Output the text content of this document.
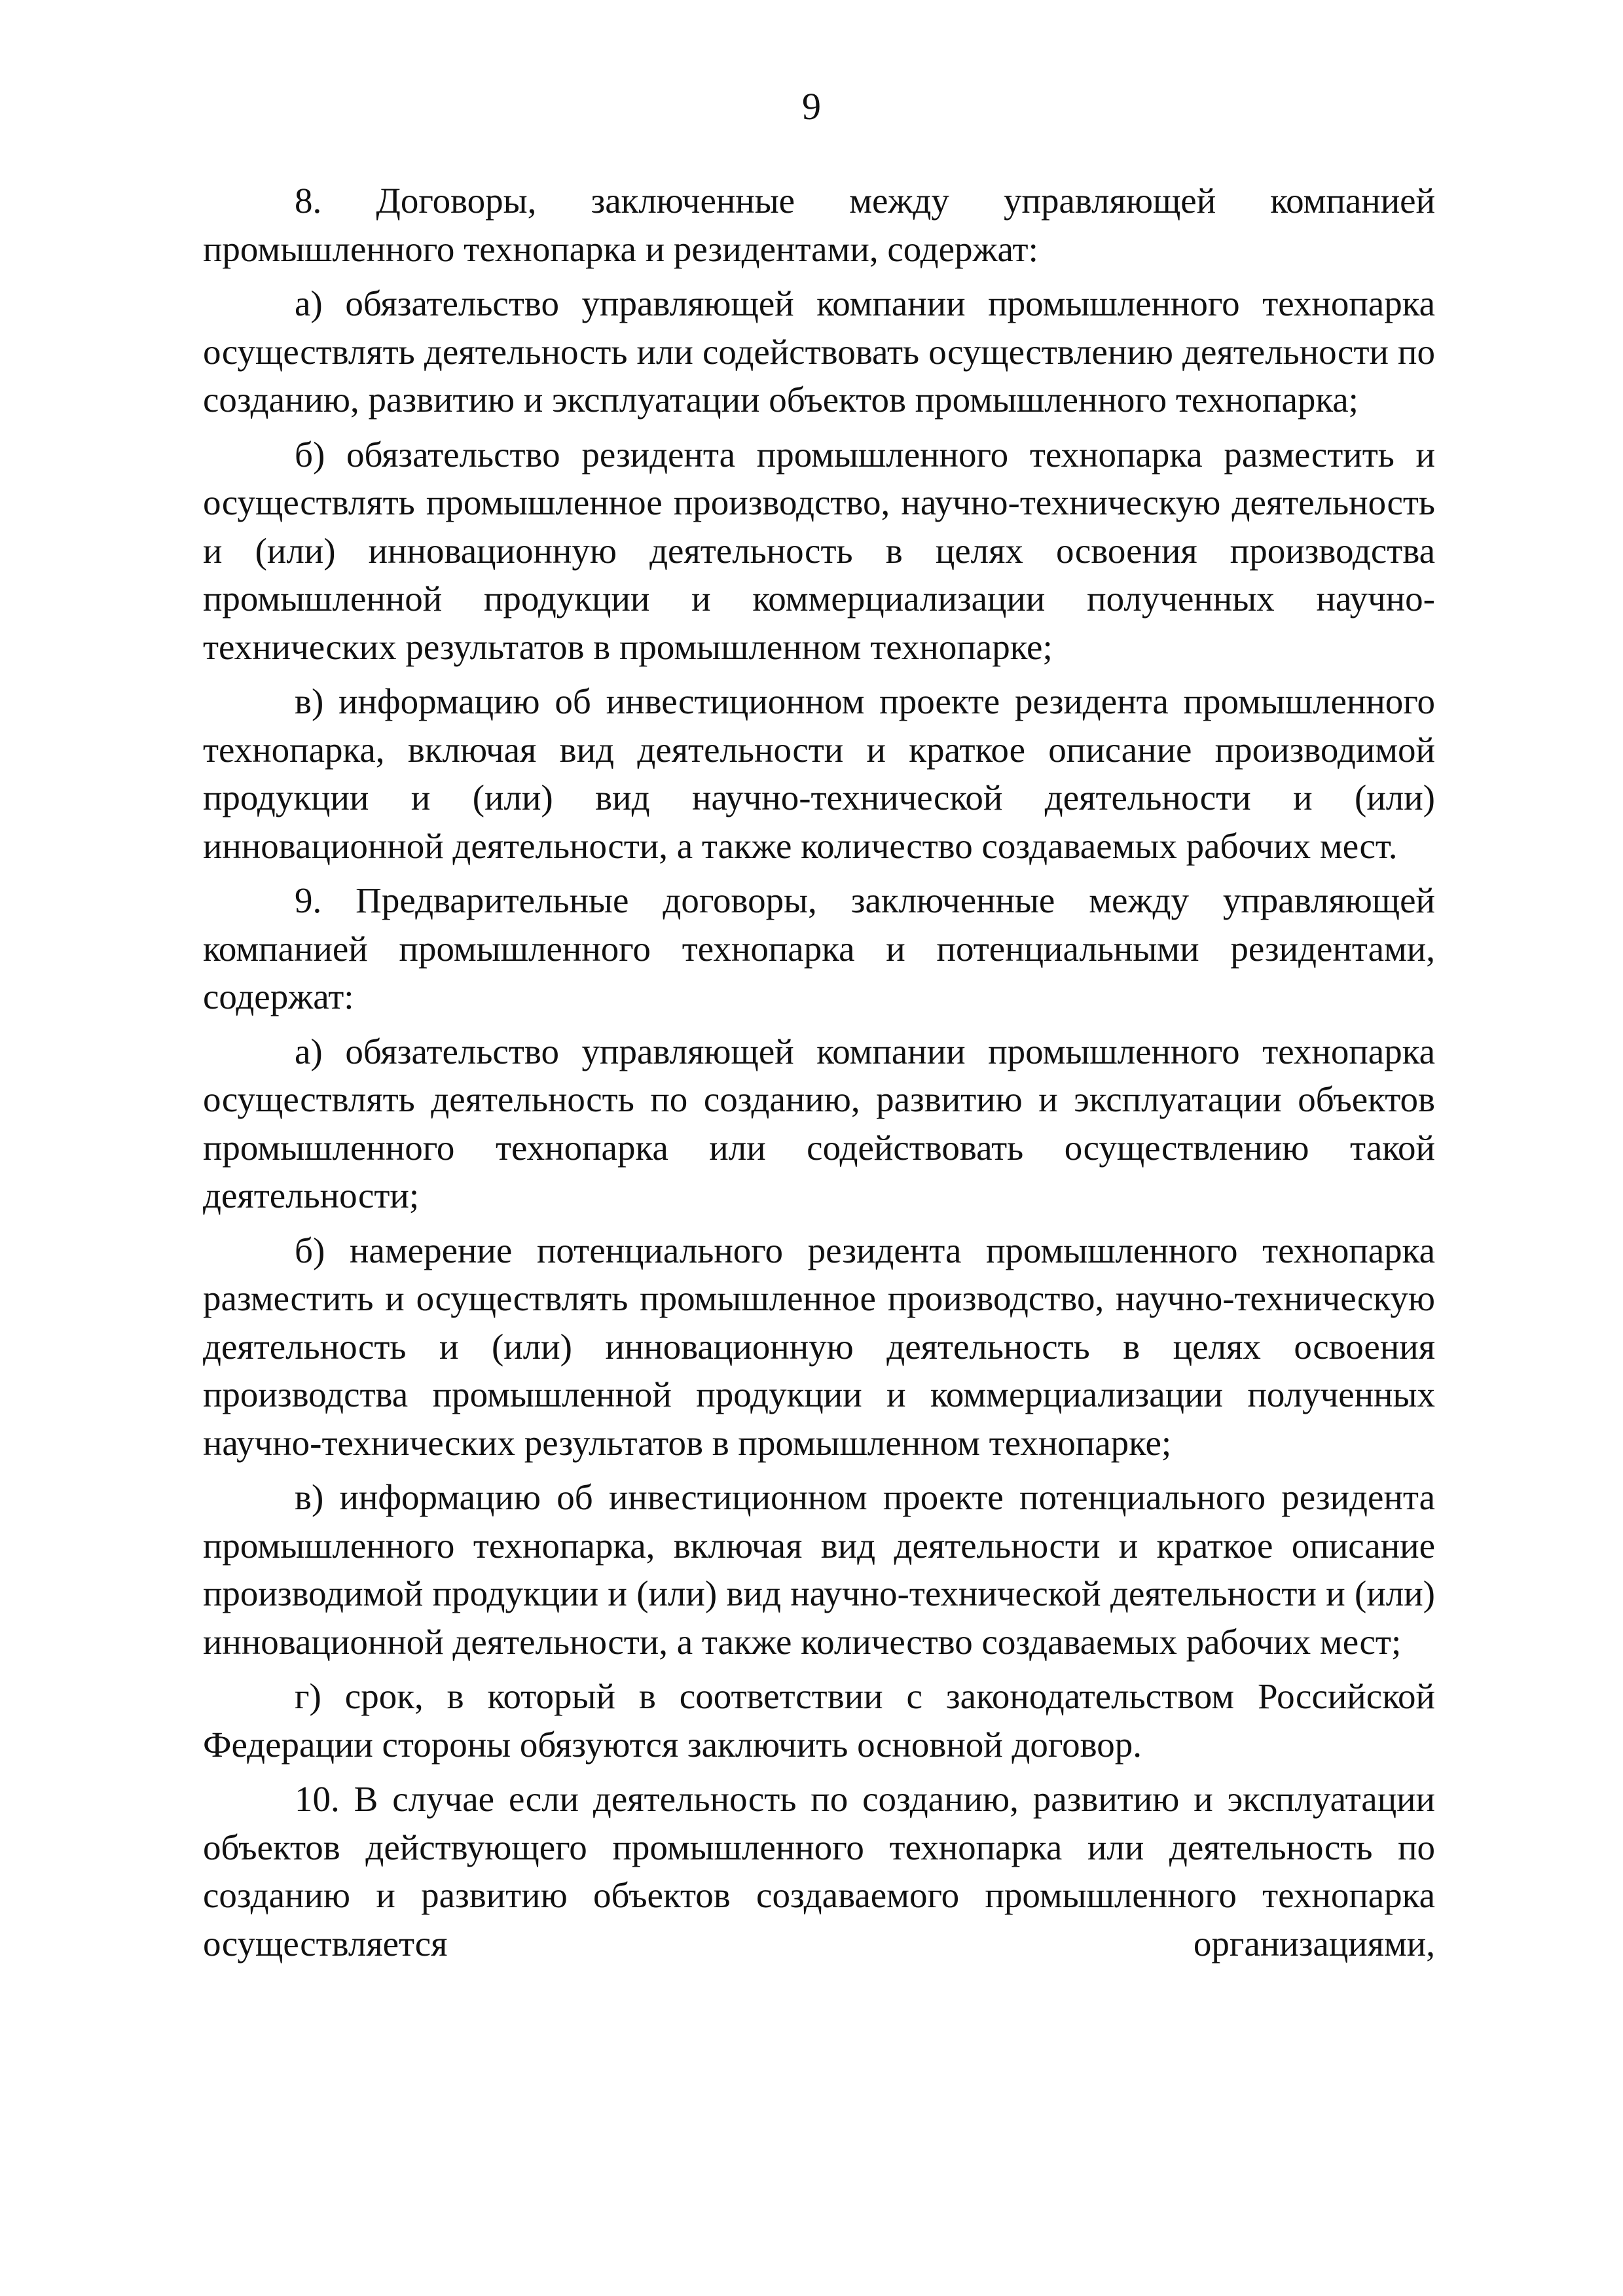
9

8. Договоры, заключенные между управляющей компанией промышленного технопарка и резидентами, содержат:

а) обязательство управляющей компании промышленного технопарка осуществлять деятельность или содействовать осуществлению деятельности по созданию, развитию и эксплуатации объектов промышленного технопарка;

б) обязательство резидента промышленного технопарка разместить и осуществлять промышленное производство, научно-техническую деятельность и (или) инновационную деятельность в целях освоения производства промышленной продукции и коммерциализации полученных научно-технических результатов в промышленном технопарке;

в) информацию об инвестиционном проекте резидента промышленного технопарка, включая вид деятельности и краткое описание производимой продукции и (или) вид научно-технической деятельности и (или) инновационной деятельности, а также количество создаваемых рабочих мест.

9. Предварительные договоры, заключенные между управляющей компанией промышленного технопарка и потенциальными резидентами, содержат:

а) обязательство управляющей компании промышленного технопарка осуществлять деятельность по созданию, развитию и эксплуатации объектов промышленного технопарка или содействовать осуществлению такой деятельности;

б) намерение потенциального резидента промышленного технопарка разместить и осуществлять промышленное производство, научно-техническую деятельность и (или) инновационную деятельность в целях освоения производства промышленной продукции и коммерциализации полученных научно-технических результатов в промышленном технопарке;

в) информацию об инвестиционном проекте потенциального резидента промышленного технопарка, включая вид деятельности и краткое описание производимой продукции и (или) вид научно-технической деятельности и (или) инновационной деятельности, а также количество создаваемых рабочих мест;

г) срок, в который в соответствии с законодательством Российской Федерации стороны обязуются заключить основной договор.

10. В случае если деятельность по созданию, развитию и эксплуатации объектов действующего промышленного технопарка или деятельность по созданию и развитию объектов создаваемого промышленного технопарка осуществляется организациями,
